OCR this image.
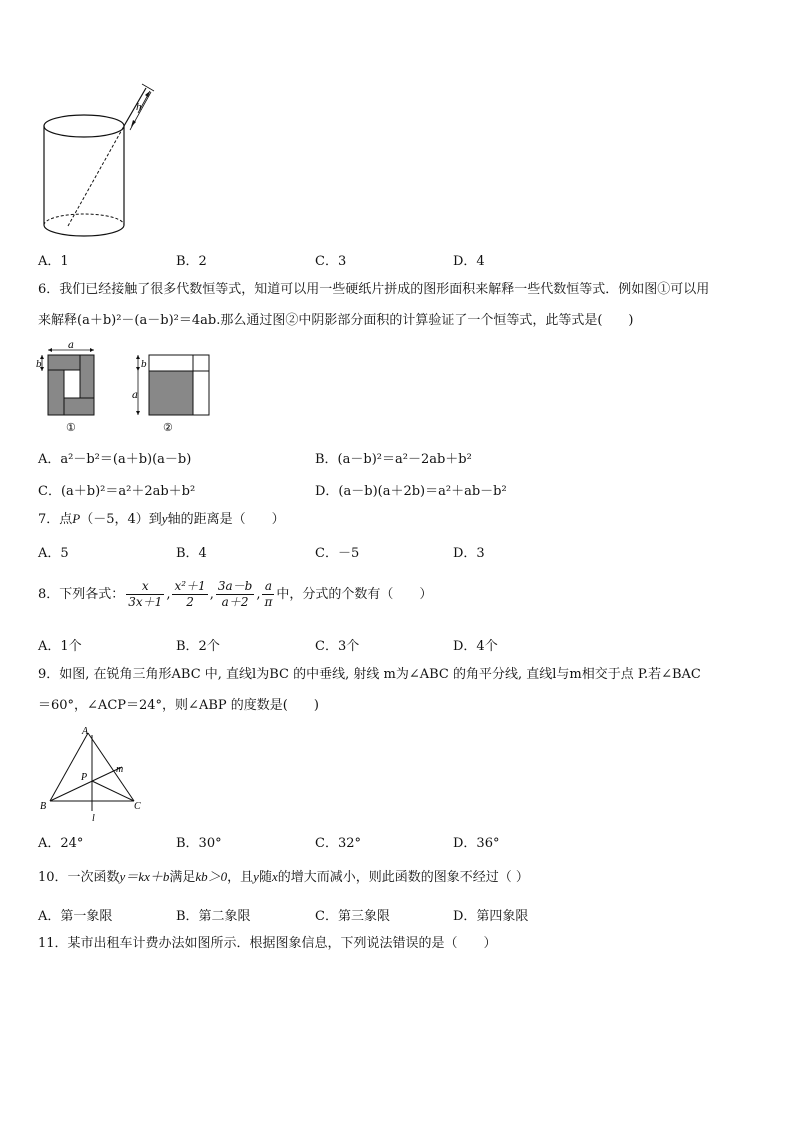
h
A．1	B．2	C．3	D．4
6．我们已经接触了很多代数恒等式，知道可以用一些硬纸片拼成的图形面积来解释一些代数恒等式．例如图①可以用
来解释(a＋b)²－(a－b)²＝4ab.那么通过图②中阴影部分面积的计算验证了一个恒等式，此等式是(　　)
a
b
①
b
a
②
A．a²－b²＝(a＋b)(a－b)	B．(a－b)²＝a²－2ab＋b²
C．(a＋b)²＝a²＋2ab＋b²	D．(a－b)(a＋2b)＝a²＋ab－b²
7．点P（－5，4）到y轴的距离是（　　）
A．5	B．4	C．－5	D．3
8．下列各式： $\frac{x}{3x+1}$ , $\frac{\text{x²＋1}}{2}$ , $\frac{3a-b}{a+2}$ , $\frac{a}{\pi}$ 中，分式的个数有（　　）
A．1个	B．2个	C．3个	D．4个
9．如图, 在锐角三角形ABC 中, 直线l为BC 的中垂线, 射线 m为∠ABC 的角平分线, 直线l与m相交于点 P.若∠BAC
＝60°，∠ACP＝24°，则∠ABP 的度数是(　　)
A
B	C
P
m
l
A．24°	B．30°	C．32°	D．36°
10．一次函数y＝kx＋b满足kb＞0，且y随x的增大而减小，则此函数的图象不经过（ ）
A．第一象限	B．第二象限	C．第三象限	D．第四象限
11．某市出租车计费办法如图所示．根据图象信息，下列说法错误的是（　　）
